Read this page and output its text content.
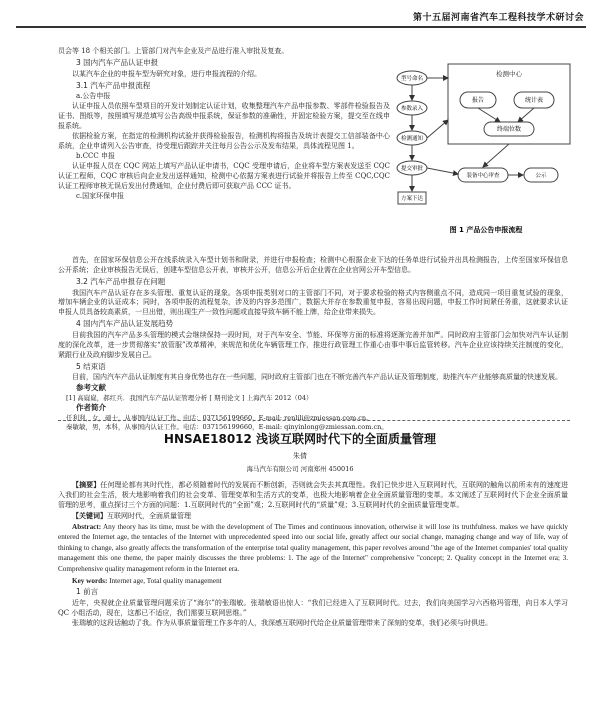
第十五届河南省汽车工程科技学术研讨会

员会等 18 个相关部门。上管部门对汽车企业及产品进行准入审批及复查。

3 国内汽车产品认证申报

以某汽车企业的申报车型为研究对象，进行申报流程的介绍。

3.1 汽车产品申报流程
a.公告申报

认证申报人员依照车型项目的开发计划制定认证计划，收集整理汽车产品申报参数、零部件检验报告及证书、图纸等，按照填写规范填写公告高级申报系统，保证参数的准确性，并固定检验方案，提交至在线申报系统。

依据检验方案，在指定的检测机构试验并获得检验报告，检测机构将报告及统计表提交工信部装备中心系统，企业申请列入公告审查，待受理后跟踪并关注每月公告公示及发布结果，具体流程见图 1。

b.CCC 申报

认证申报人员在 CQC 网站上填写产品认证申请书，CQC 受理申请后，企业将车型方案表发送至 CQC 认证工程师，CQC 审核后向企业发出送样通知，检测中心依据方案表进行试验并将报告上传至 CQC,CQC 认证工程师审核无误后发出付费通知，企业付费后即可获取产品 CCC 证书。

c.国家环保申报
检测中心
报告	统计表
终端位数
型号命名
参数录入
检测通知
提交审批
方案下达
装备中心审查	公示
图 1 产品公告申报流程

首先，在国家环保信息公开在线系统录入车型计划书和附录，并进行申报检查；检测中心根据企业下达的任务单进行试验并出具检测报告，上传至国家环保信息公开系统；企业审核报告无误后，创建车型信息公开表，审核并公开，信息公开后企业需在企业官网公开车型信息。

3.2 汽车产品申报存在问题

我国汽车产品认证存在多头管理、重复认证的现象。各项申报类别对口的主管部门不同，对于要求检验的格式内容侧重点不同，造成同一项目重复试验的现象，增加车辆企业的认证成本；同时，各项申报的流程复杂，涉及的内容多范围广，数据大并存在参数重复申报，容易出现问题，申报工作时间紧任务重，这就要求认证申报人员具备较高素质，一旦出错，则出现生产一致性问题或直接导致车辆不能上牌，给企业带来损失。

4 国内汽车产品认证发展趋势

目前我国的汽车产品多头管理的模式会继续保持一段时间，对于汽车安全、节能、环保等方面的标准将逐渐完善并加严。同时政府主管部门会加快对汽车认证制度的深化改革，进一步贯彻落实“放管服”改革精神，来规范和优化车辆管理工作，推进行政管理工作重心由事中事后监管转移。汽车企业应该持续关注制度的变化，紧跟行业及政府脚步发展自己。

5 结束语

目前，国内汽车产品认证制度有其自身优势也存在一些问题，同时政府主管部门也在不断完善汽车产品认证及管理制度，助推汽车产业能够高质量的快速发展。

参考文献
[1] 高嶷嶷，郝红兵．我国汽车产品认证管理分析 [ 期刊论文 ] 上海汽车 2012（04）
作者简介
任利利，女，硕士，从事国内认证工作。电话：037156199660，E-mail: renlili@zmiessan.com.cn。
秦敏敏，男，本科，从事国内认证工作。电话：037156199660，E-mail: qinyinlong@zmiessan.com.cn。
HNSAE18012 浅谈互联网时代下的全面质量管理
朱倩
海马汽车有限公司 河南郑州 450016

【摘要】任何理论都有其时代性，都必须随着时代的发展而不断创新，否则就会失去其真理性。我们已快步进入互联网时代，互联网的触角以前所未有的速度进入我们的社会生活，极大地影响着我们的社会变革、管理变革和生活方式的变革，也极大地影响着企业全面质量管理的变革。本文阐述了互联网时代下企业全面质量管理的思考，重点探讨三个方面的问题：1.互联网时代的“全面”观；2.互联网时代的“质量”观；3.互联网时代的全面质量管理变革。

【关键词】互联网时代，全面质量管理

Abstract: Any theory has its time, must be with the development of The Times and continuous innovation, otherwise it will lose its truthfulness. makes we have quickly entered the Internet age, the tentacles of the Internet with unprecedented speed into our social life, greatly affect our social change, managing change and way of life, way of thinking to change, also greatly affects the transformation of the enterprise total quality management, this paper revolves around "the age of the Internet companies' total quality management this one theme, the paper mainly discusses the three problems: 1. The age of the Internet" comprehensive "concept; 2. Quality concept in the Internet era; 3. Comprehensive quality management reform in the Internet era.

Key words: Internet age, Total quality management

1 前言

近年，央视就企业质量管理问题采访了“海尔”的张瑞敏。张瑞敏语出惊人：“我们已经进入了互联网时代。过去，我们向美国学习六西格玛管理，向日本人学习 QC 小组活动，现在，这都已不适应，我们需要互联网思维。”

张瑞敏的这段话触动了我。作为从事质量管理工作多年的人，我深感互联网时代给企业质量管理带来了深刻的变革，我们必须与时俱进。
